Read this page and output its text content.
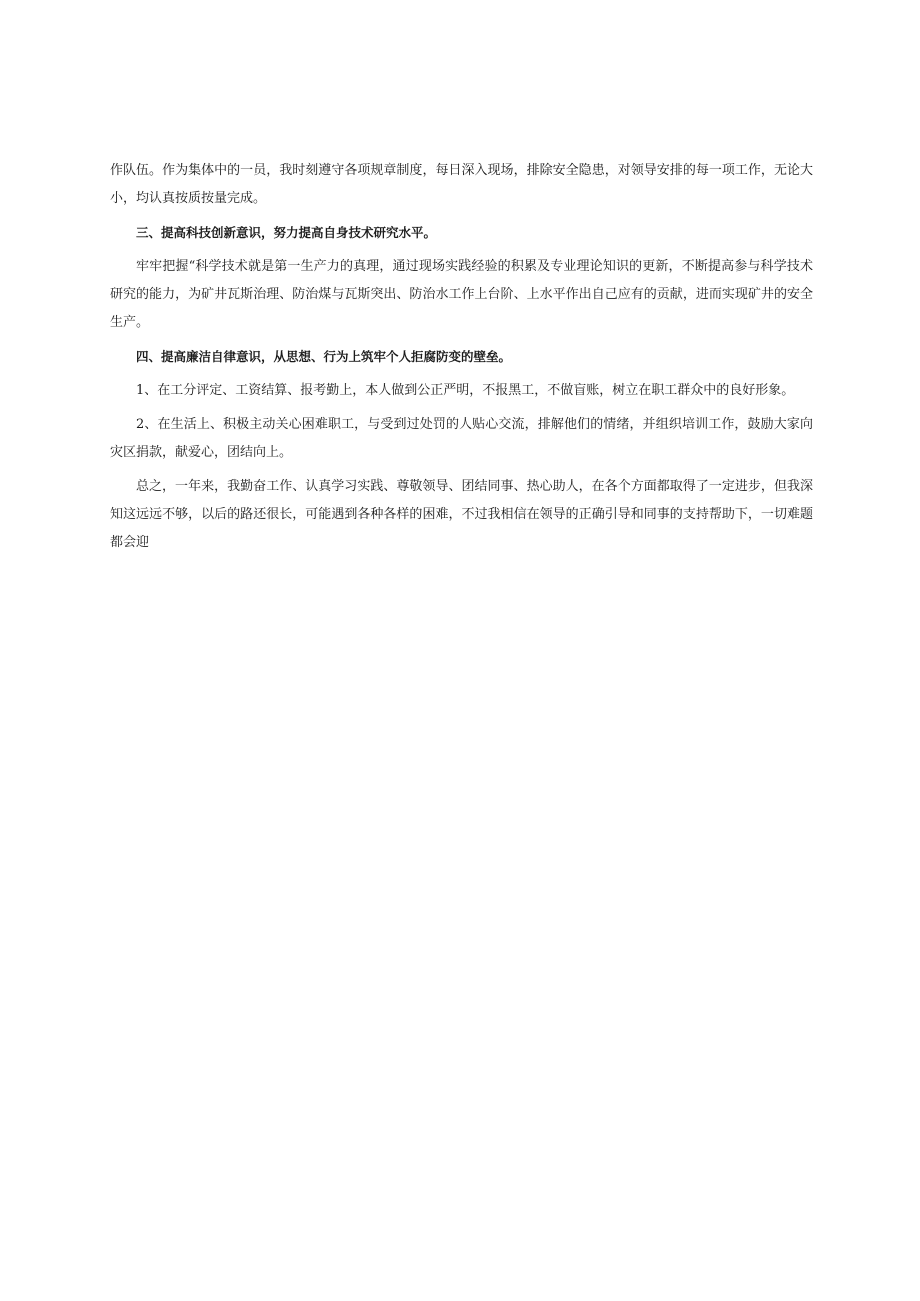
作队伍。作为集体中的一员，我时刻遵守各项规章制度，每日深入现场，排除安全隐患，对领导安排的每一项工作，无论大小，均认真按质按量完成。

三、提高科技创新意识，努力提高自身技术研究水平。

牢牢把握“科学技术就是第一生产力的真理，通过现场实践经验的积累及专业理论知识的更新，不断提高参与科学技术研究的能力，为矿井瓦斯治理、防治煤与瓦斯突出、防治水工作上台阶、上水平作出自己应有的贡献，进而实现矿井的安全生产。

四、提高廉洁自律意识，从思想、行为上筑牢个人拒腐防变的壁垒。

1、在工分评定、工资结算、报考勤上，本人做到公正严明，不报黑工，不做盲账，树立在职工群众中的良好形象。

2、在生活上、积极主动关心困难职工，与受到过处罚的人贴心交流，排解他们的情绪，并组织培训工作，鼓励大家向灾区捐款，献爱心，团结向上。

总之，一年来，我勤奋工作、认真学习实践、尊敬领导、团结同事、热心助人，在各个方面都取得了一定进步，但我深知这远远不够，以后的路还很长，可能遇到各种各样的困难，不过我相信在领导的正确引导和同事的支持帮助下，一切难题都会迎
